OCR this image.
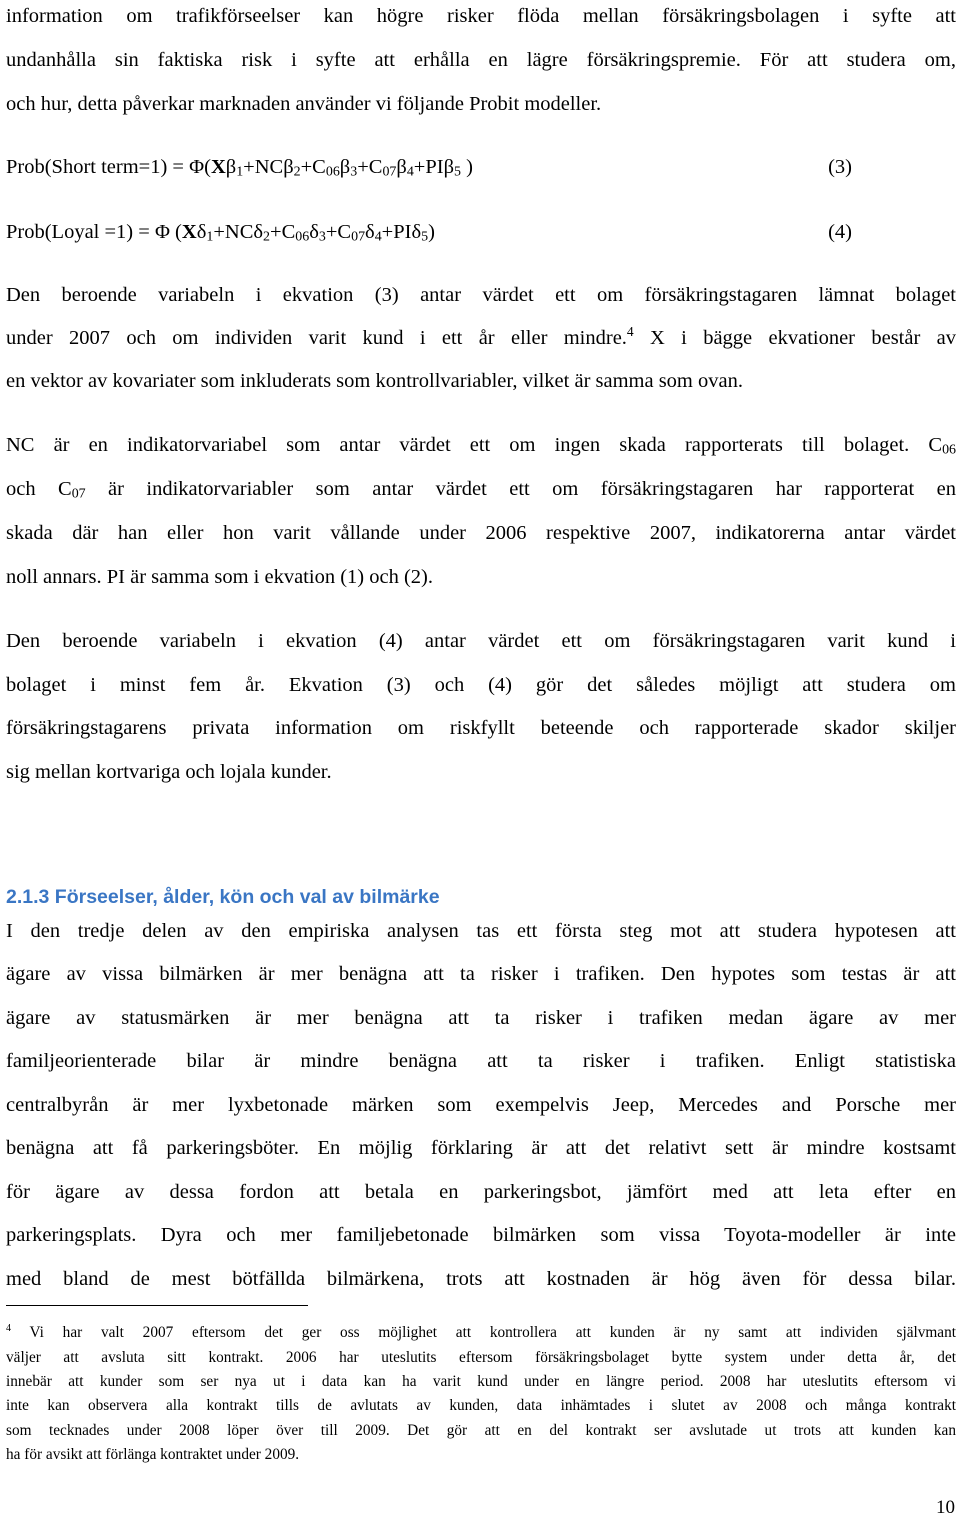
information om trafikförseelser kan högre risker flöda mellan försäkringsbolagen i syfte att
undanhålla sin faktiska risk i syfte att erhålla en lägre försäkringspremie. För att studera om,
och hur, detta påverkar marknaden använder vi följande Probit modeller.
Prob(Short term=1) = $\Phi(X\beta_1+NC\beta_2+C_{06}\beta_3+C_{07}\beta_4+PI\beta_5$ )	(3)
Prob(Loyal =1) = Φ $(X\delta_1+NC\delta_2+C_{06}\delta_3+C_{07}\delta_4+PI\delta_5)$	(4)
Den beroende variabeln i ekvation (3) antar värdet ett om försäkringstagaren lämnat bolaget
under 2007 och om individen varit kund i ett år eller mindre.$^4$ X i bägge ekvationer består av
en vektor av kovariater som inkluderats som kontrollvariabler, vilket är samma som ovan.
NC är en indikatorvariabel som antar värdet ett om ingen skada rapporterats till bolaget. $C_{06}$
och $C_{07}$ är indikatorvariabler som antar värdet ett om försäkringstagaren har rapporterat en
skada där han eller hon varit vållande under 2006 respektive 2007, indikatorerna antar värdet
noll annars. PI är samma som i ekvation (1) och (2).
Den beroende variabeln i ekvation (4) antar värdet ett om försäkringstagaren varit kund i
bolaget i minst fem år. Ekvation (3) och (4) gör det således möjligt att studera om
försäkringstagarens privata information om riskfyllt beteende och rapporterade skador skiljer
sig mellan kortvariga och lojala kunder.
2.1.3 Förseelser, ålder, kön och val av bilmärke
I den tredje delen av den empiriska analysen tas ett första steg mot att studera hypotesen att
ägare av vissa bilmärken är mer benägna att ta risker i trafiken. Den hypotes som testas är att
ägare av statusmärken är mer benägna att ta risker i trafiken medan ägare av mer
familjeorienterade bilar är mindre benägna att ta risker i trafiken. Enligt statistiska
centralbyrån är mer lyxbetonade märken som exempelvis Jeep, Mercedes and Porsche mer
benägna att få parkeringsböter. En möjlig förklaring är att det relativt sett är mindre kostsamt
för ägare av dessa fordon att betala en parkeringsbot, jämfört med att leta efter en
parkeringsplats. Dyra och mer familjebetonade bilmärken som vissa Toyota-modeller är inte
med bland de mest bötfällda bilmärkena, trots att kostnaden är hög även för dessa bilar.
$^4$ Vi har valt 2007 eftersom det ger oss möjlighet att kontrollera att kunden är ny samt att individen självmant
väljer att avsluta sitt kontrakt. 2006 har uteslutits eftersom försäkringsbolaget bytte system under detta år, det
innebär att kunder som ser nya ut i data kan ha varit kund under en längre period. 2008 har uteslutits eftersom vi
inte kan observera alla kontrakt tills de avlutats av kunden, data inhämtades i slutet av 2008 och många kontrakt
som tecknades under 2008 löper över till 2009. Det gör att en del kontrakt ser avslutade ut trots att kunden kan
ha för avsikt att förlänga kontraktet under 2009.
10
